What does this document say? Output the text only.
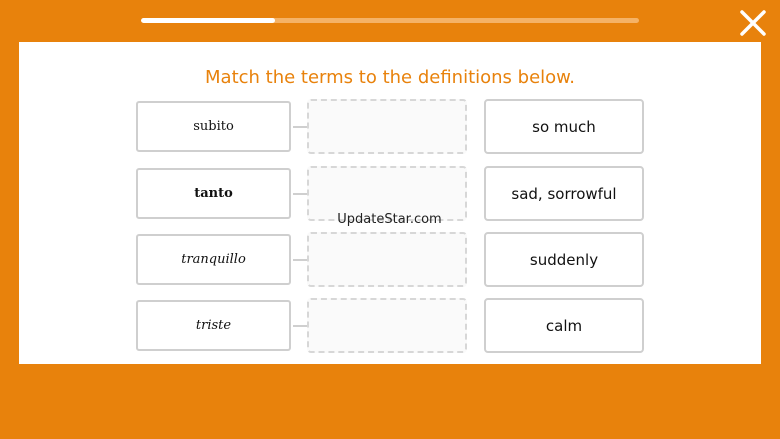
Match the terms to the definitions below.
subito	so much
tanto	sad, sorrowful
tranquillo	suddenly
triste	calm
UpdateStar.com
